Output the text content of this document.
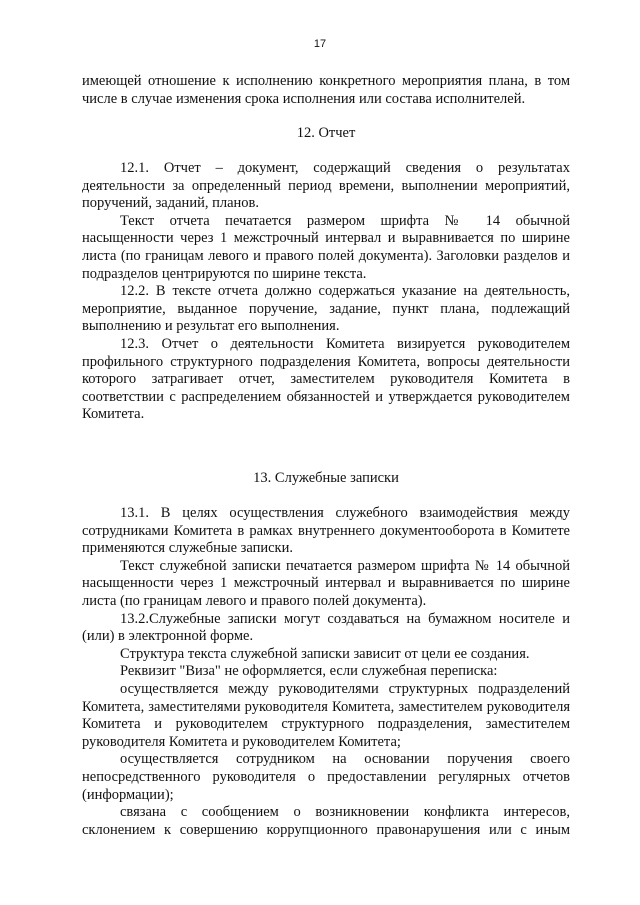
17

имеющей отношение к исполнению конкретного мероприятия плана, в том числе в случае изменения срока исполнения или состава исполнителей.

12. Отчет

12.1. Отчет – документ, содержащий сведения о результатах деятельности за определенный период времени, выполнении мероприятий, поручений, заданий, планов.

Текст отчета печатается размером шрифта № 14 обычной насыщенности через 1 межстрочный интервал и выравнивается по ширине листа (по границам левого и правого полей документа). Заголовки разделов и подразделов центрируются по ширине текста.

12.2. В тексте отчета должно содержаться указание на деятельность, мероприятие, выданное поручение, задание, пункт плана, подлежащий выполнению и результат его выполнения.

12.3. Отчет о деятельности Комитета визируется руководителем профильного структурного подразделения Комитета, вопросы деятельности которого затрагивает отчет, заместителем руководителя Комитета в соответствии с распределением обязанностей и утверждается руководителем Комитета.

13. Служебные записки

13.1. В целях осуществления служебного взаимодействия между сотрудниками Комитета в рамках внутреннего документооборота в Комитете применяются служебные записки.

Текст служебной записки печатается размером шрифта № 14 обычной насыщенности через 1 межстрочный интервал и выравнивается по ширине листа (по границам левого и правого полей документа).

13.2.Служебные записки могут создаваться на бумажном носителе и (или) в электронной форме.

Структура текста служебной записки зависит от цели ее создания.

Реквизит "Виза" не оформляется, если служебная переписка:

осуществляется между руководителями структурных подразделений Комитета, заместителями руководителя Комитета, заместителем руководителя Комитета и руководителем структурного подразделения, заместителем руководителя Комитета и руководителем Комитета;

осуществляется сотрудником на основании поручения своего непосредственного руководителя о предоставлении регулярных отчетов (информации);

связана с сообщением о возникновении конфликта интересов, склонением к совершению коррупционного правонарушения или с иным
